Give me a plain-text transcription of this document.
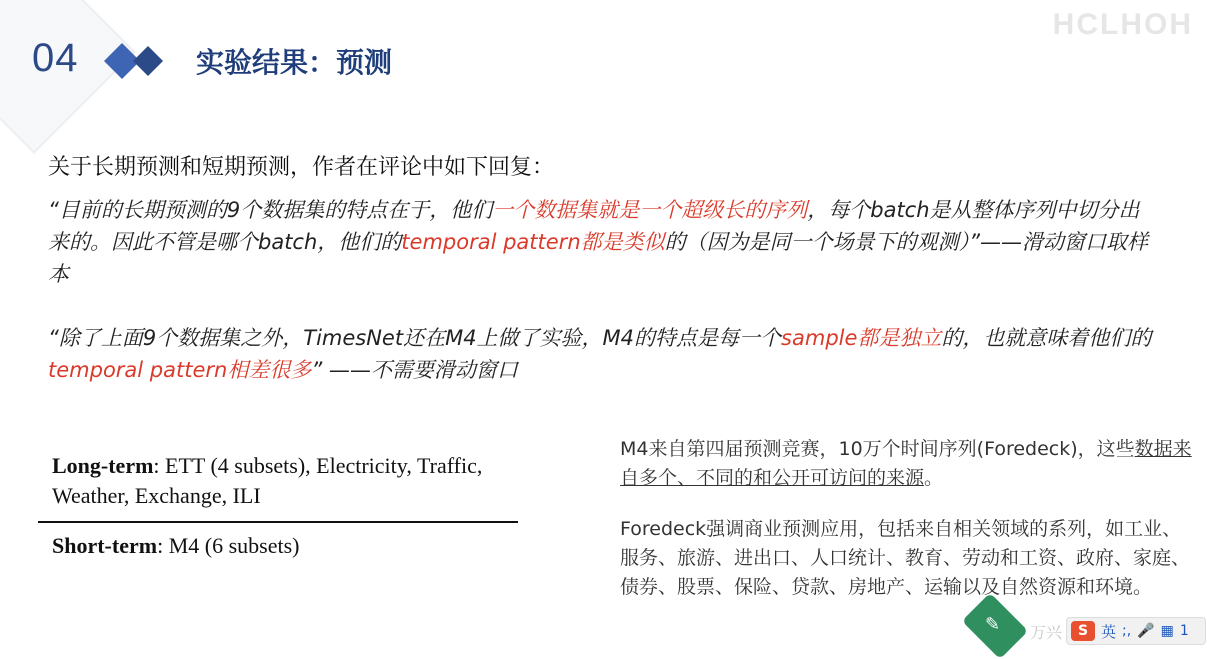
04	实验结果：预测
HCLHOH
关于长期预测和短期预测，作者在评论中如下回复：
“目前的长期预测的9个数据集的特点在于，他们一个数据集就是一个超级长的序列，每个batch是从整体序列中切分出来的。因此不管是哪个batch，他们的temporal pattern都是类似的（因为是同一个场景下的观测）”——滑动窗口取样本
“除了上面9个数据集之外，TimesNet还在M4上做了实验，M4的特点是每一个sample都是独立的，也就意味着他们的temporal pattern相差很多” ——不需要滑动窗口
Long-term: ETT (4 subsets), Electricity, Traffic, Weather, Exchange, ILI
Short-term: M4 (6 subsets)

M4来自第四届预测竞赛，10万个时间序列(Foredeck)，这些数据来自多个、不同的和公开可访问的来源。

Foredeck强调商业预测应用，包括来自相关领域的系列，如工业、服务、旅游、进出口、人口统计、教育、劳动和工资、政府、家庭、债券、股票、保险、贷款、房地产、运输以及自然资源和环境。

✎ 万兴	S 英 ;, 🎤 ▦ 1
